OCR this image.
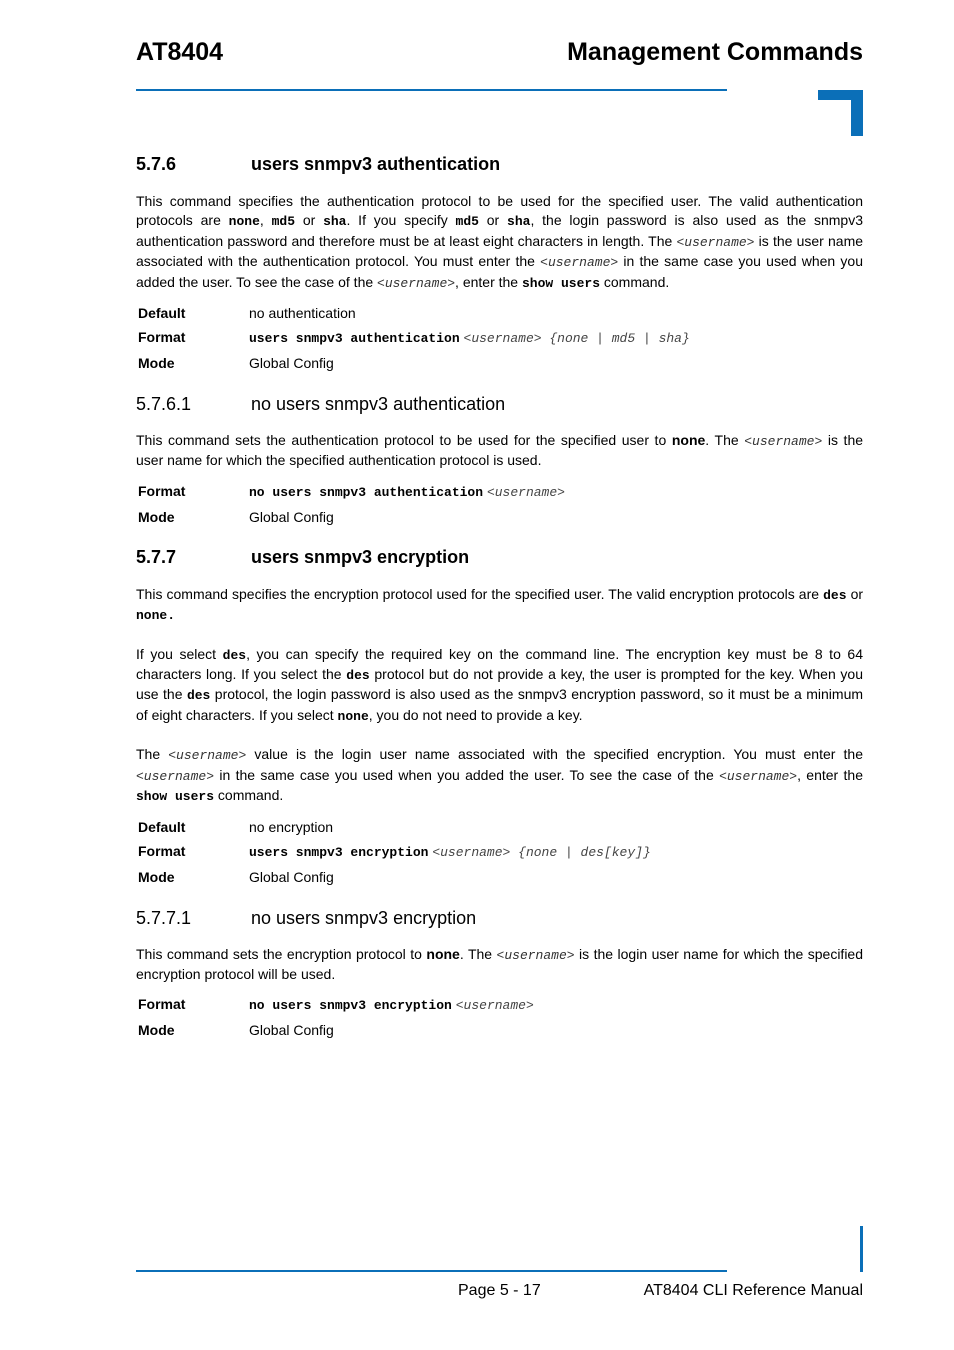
AT8404	Management Commands
5.7.6	users snmpv3 authentication

This command specifies the authentication protocol to be used for the specified user. The valid authentication protocols are none, md5 or sha. If you specify md5 or sha, the login password is also used as the snmpv3 authentication password and therefore must be at least eight characters in length. The <username> is the user name associated with the authentication protocol. You must enter the <username> in the same case you used when you added the user. To see the case of the <username>, enter the show users command.

Default	no authentication
Format	users snmpv3 authentication <username> {none | md5 | sha}
Mode	Global Config
5.7.6.1	no users snmpv3 authentication

This command sets the authentication protocol to be used for the specified user to none. The <username> is the user name for which the specified authentication protocol is used.

Format	no users snmpv3 authentication <username>
Mode	Global Config
5.7.7	users snmpv3 encryption

This command specifies the encryption protocol used for the specified user. The valid encryption protocols are des or none.

If you select des, you can specify the required key on the command line. The encryption key must be 8 to 64 characters long. If you select the des protocol but do not provide a key, the user is prompted for the key. When you use the des protocol, the login password is also used as the snmpv3 encryption password, so it must be a minimum of eight characters. If you select none, you do not need to provide a key.

The <username> value is the login user name associated with the specified encryption. You must enter the <username> in the same case you used when you added the user. To see the case of the <username>, enter the show users command.

Default	no encryption
Format	users snmpv3 encryption <username> {none | des[key]}
Mode	Global Config
5.7.7.1	no users snmpv3 encryption

This command sets the encryption protocol to none. The <username> is the login user name for which the specified encryption protocol will be used.

Format	no users snmpv3 encryption <username>
Mode	Global Config
Page 5 - 17	AT8404 CLI Reference Manual
